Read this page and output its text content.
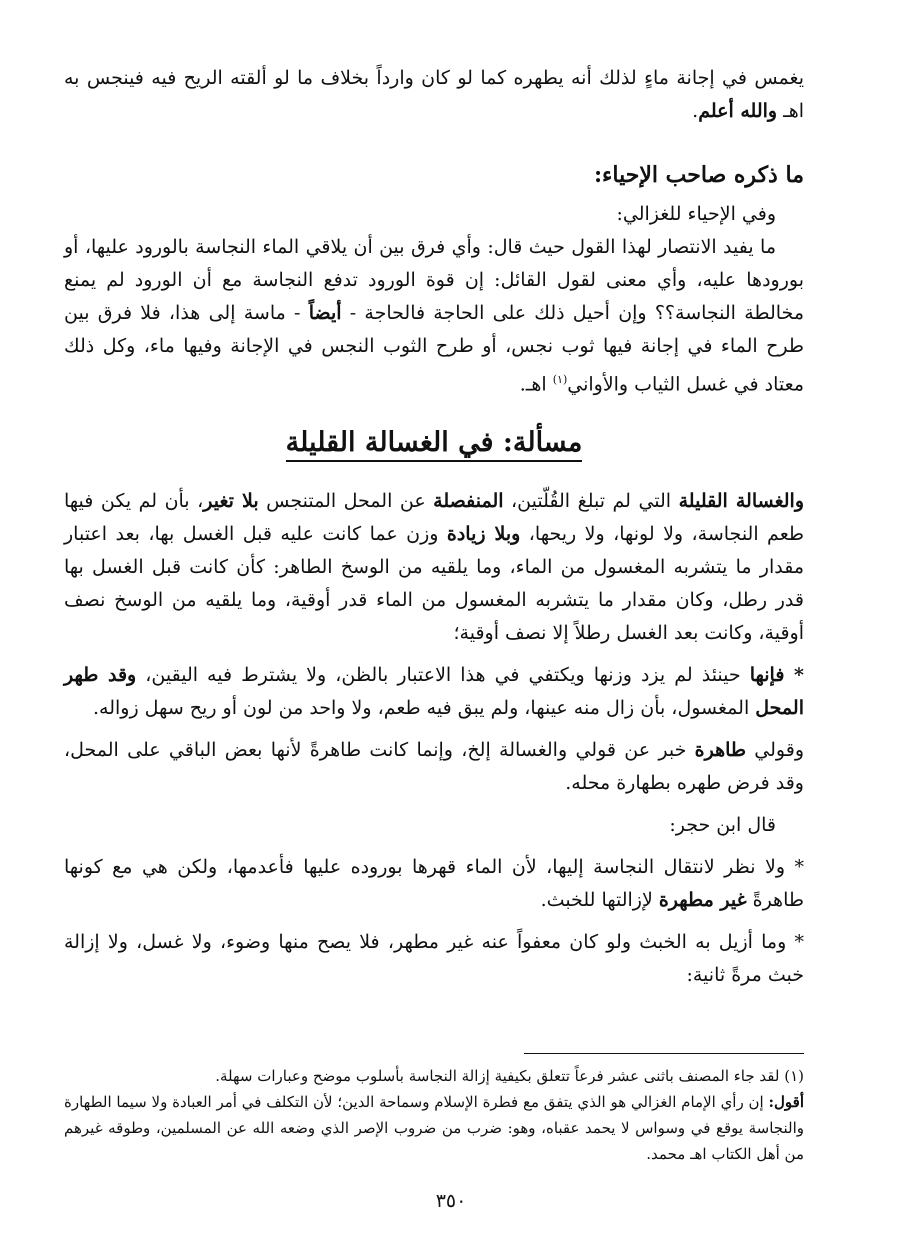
يغمس في إجانة ماءٍ لذلك أنه يطهره كما لو كان وارداً بخلاف ما لو ألقته الريح فيه فينجس به اهـ والله أعلم.

ما ذكره صاحب الإحياء:

وفي الإحياء للغزالي:

ما يفيد الانتصار لهذا القول حيث قال: وأي فرق بين أن يلاقي الماء النجاسة بالورود عليها، أو بورودها عليه، وأي معنى لقول القائل: إن قوة الورود تدفع النجاسة مع أن الورود لم يمنع مخالطة النجاسة؟؟ وإن أحيل ذلك على الحاجة فالحاجة - أيضاً - ماسة إلى هذا، فلا فرق بين طرح الماء في إجانة فيها ثوب نجس، أو طرح الثوب النجس في الإجانة وفيها ماء، وكل ذلك معتاد في غسل الثياب والأواني$^{(١)}$ اهـ.

مسألة: في الغسالة القليلة

والغسالة القليلة التي لم تبلغ القُلّتين، المنفصلة عن المحل المتنجس بلا تغير، بأن لم يكن فيها طعم النجاسة، ولا لونها، ولا ريحها، وبلا زيادة وزن عما كانت عليه قبل الغسل بها، بعد اعتبار مقدار ما يتشربه المغسول من الماء، وما يلقيه من الوسخ الطاهر: كأن كانت قبل الغسل بها قدر رطل، وكان مقدار ما يتشربه المغسول من الماء قدر أوقية، وما يلقيه من الوسخ نصف أوقية، وكانت بعد الغسل رطلاً إلا نصف أوقية؛

* فإنها حينئذ لم يزد وزنها ويكتفي في هذا الاعتبار بالظن، ولا يشترط فيه اليقين، وقد طهر المحل المغسول، بأن زال منه عينها، ولم يبق فيه طعم، ولا واحد من لون أو ريح سهل زواله.

وقولي طاهرة خبر عن قولي والغسالة إلخ، وإنما كانت طاهرةً لأنها بعض الباقي على المحل، وقد فرض طهره بطهارة محله.

قال ابن حجر:

* ولا نظر لانتقال النجاسة إليها، لأن الماء قهرها بوروده عليها فأعدمها، ولكن هي مع كونها طاهرةً غير مطهرة لإزالتها للخبث.

* وما أزيل به الخبث ولو كان معفواً عنه غير مطهر، فلا يصح منها وضوء، ولا غسل، ولا إزالة خبث مرةً ثانية:

(١) لقد جاء المصنف باثنى عشر فرعاً تتعلق بكيفية إزالة النجاسة بأسلوب موضح وعبارات سهلة.

أقول: إن رأي الإمام الغزالي هو الذي يتفق مع فطرة الإسلام وسماحة الدين؛ لأن التكلف في أمر العبادة ولا سيما الطهارة والنجاسة يوقع في وسواس لا يحمد عقباه، وهو: ضرب من ضروب الإصر الذي وضعه الله عن المسلمين، وطوقه غيرهم من أهل الكتاب اهـ محمد.

٣٥٠
